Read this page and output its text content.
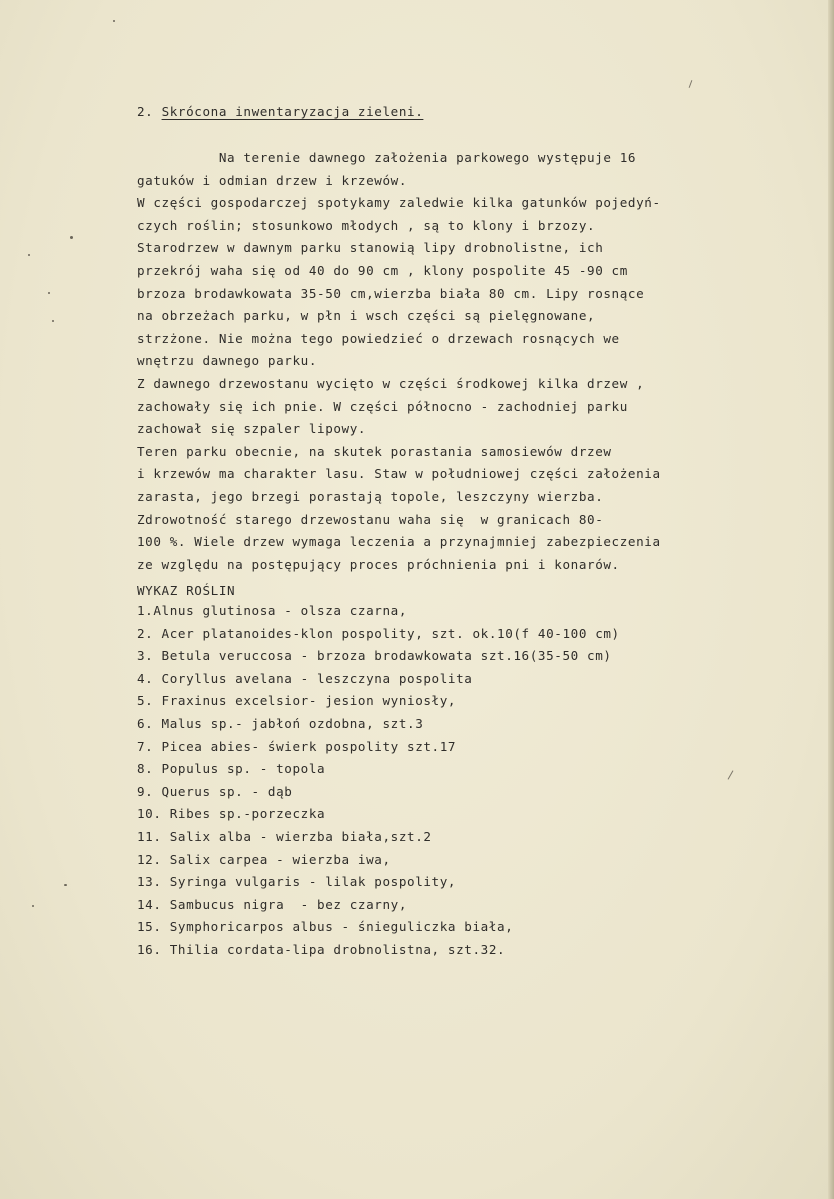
2. Skrócona inwentaryzacja zieleni.
Na terenie dawnego założenia parkowego występuje 16
gatuków i odmian drzew i krzewów.
W części gospodarczej spotykamy zaledwie kilka gatunków pojedyń-
czych roślin; stosunkowo młodych , są to klony i brzozy.
Starodrzew w dawnym parku stanowią lipy drobnolistne, ich
przekrój waha się od 40 do 90 cm , klony pospolite 45 -90 cm
brzoza brodawkowata 35-50 cm,wierzba biała 80 cm. Lipy rosnące
na obrzeżach parku, w płn i wsch części są pielęgnowane,
strzżone. Nie można tego powiedzieć o drzewach rosnących we
wnętrzu dawnego parku.
Z dawnego drzewostanu wycięto w części środkowej kilka drzew ,
zachowały się ich pnie. W części północno - zachodniej parku
zachował się szpaler lipowy.
Teren parku obecnie, na skutek porastania samosiewów drzew
i krzewów ma charakter lasu. Staw w południowej części założenia
zarasta, jego brzegi porastają topole, leszczyny wierzba.
Zdrowotność starego drzewostanu waha się  w granicach 80-
100 %. Wiele drzew wymaga leczenia a przynajmniej zabezpieczenia
ze względu na postępujący proces próchnienia pni i konarów.
WYKAZ ROŚLIN
1.Alnus glutinosa - olsza czarna,
2. Acer platanoides-klon pospolity, szt. ok.10(f 40-100 cm)
3. Betula veruccosa - brzoza brodawkowata szt.16(35-50 cm)
4. Coryllus avelana - leszczyna pospolita
5. Fraxinus excelsior- jesion wyniosły,
6. Malus sp.- jabłoń ozdobna, szt.3
7. Picea abies- świerk pospolity szt.17
8. Populus sp. - topola
9. Querus sp. - dąb
10. Ribes sp.-porzeczka
11. Salix alba - wierzba biała,szt.2
12. Salix carpea - wierzba iwa,
13. Syringa vulgaris - lilak pospolity,
14. Sambucus nigra  - bez czarny,
15. Symphoricarpos albus - śnieguliczka biała,
16. Thilia cordata-lipa drobnolistna, szt.32.
